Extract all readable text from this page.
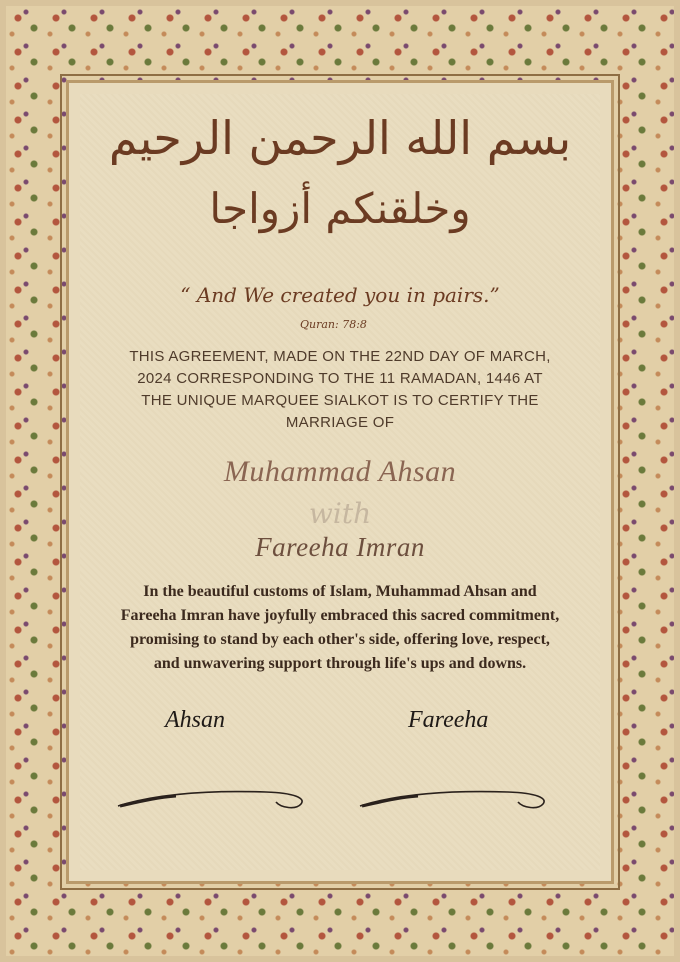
بسم الله الرحمن الرحيم
وخلقنكم أزواجا
“ And We created you in pairs.”
Quran: 78:8
THIS AGREEMENT, MADE ON THE 22ND DAY OF MARCH,
2024 CORRESPONDING TO THE 11 RAMADAN, 1446 AT
THE UNIQUE MARQUEE SIALKOT IS TO CERTIFY THE
MARRIAGE OF
Muhammad Ahsan
with
Fareeha Imran
In the beautiful customs of Islam, Muhammad Ahsan and
Fareeha Imran have joyfully embraced this sacred commitment,
promising to stand by each other's side, offering love, respect,
and unwavering support through life's ups and downs.
Ahsan	Fareeha
